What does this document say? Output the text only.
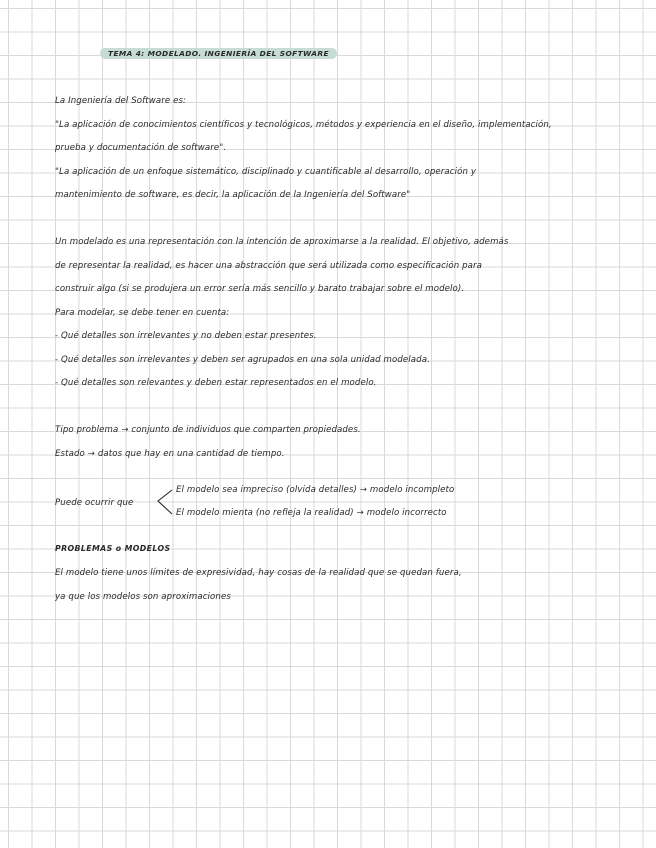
TEMA 4: MODELADO. INGENIERÍA DEL SOFTWARE
La Ingeniería del Software es:
"La aplicación de conocimientos científicos y tecnológicos, métodos y experiencia en el diseño, implementación,
prueba y documentación de software".
"La aplicación de un enfoque sistemático, disciplinado y cuantificable al desarrollo, operación y
mantenimiento de software, es decir, la aplicación de la Ingeniería del Software"
Un modelado es una representación con la intención de aproximarse a la realidad. El objetivo, además
de representar la realidad, es hacer una abstracción que será utilizada como especificación para
construir algo (si se produjera un error sería más sencillo y barato trabajar sobre el modelo).
Para modelar, se debe tener en cuenta:
- Qué detalles son irrelevantes y no deben estar presentes.
- Qué detalles son irrelevantes y deben ser agrupados en una sola unidad modelada.
- Qué detalles son relevantes y deben estar representados en el modelo.
Tipo problema → conjunto de individuos que comparten propiedades.
Estado → datos que hay en una cantidad de tiempo.
Puede ocurrir que
El modelo sea impreciso (olvida detalles) → modelo incompleto
El modelo mienta (no refleja la realidad) → modelo incorrecto
PROBLEMAS o MODELOS
El modelo tiene unos límites de expresividad, hay cosas de la realidad que se quedan fuera,
ya que los modelos son aproximaciones
